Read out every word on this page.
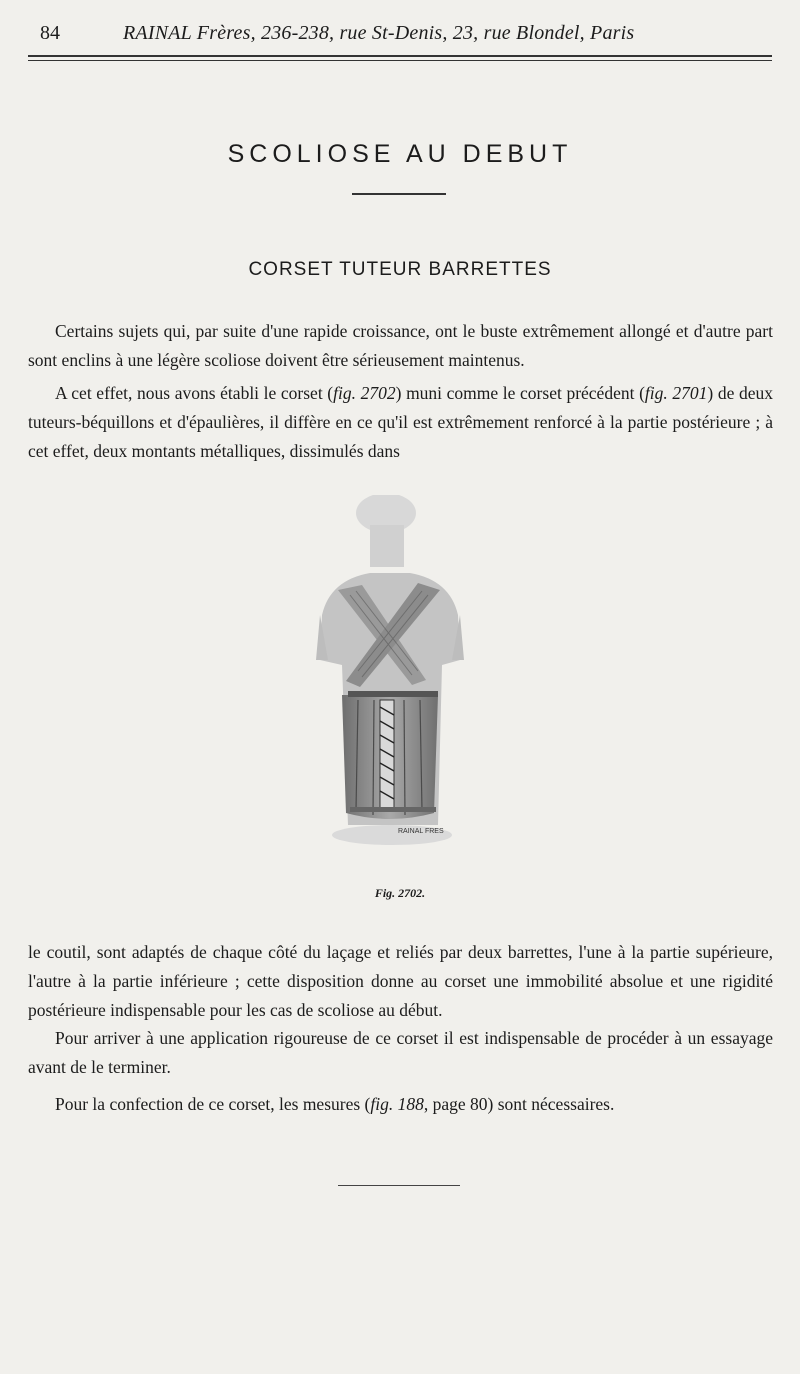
84	RAINAL Frères, 236-238, rue St-Denis, 23, rue Blondel, Paris
SCOLIOSE AU DEBUT
CORSET TUTEUR BARRETTES

Certains sujets qui, par suite d'une rapide croissance, ont le buste extrêmement allongé et d'autre part sont enclins à une légère scoliose doivent être sérieusement maintenus.

A cet effet, nous avons établi le corset (fig. 2702) muni comme le corset précédent (fig. 2701) de deux tuteurs-béquillons et d'épaulières, il diffère en ce qu'il est extrêmement renforcé à la partie postérieure ; à cet effet, deux montants métalliques, dissimulés dans

RAINAL FRES
Fig. 2702.

le coutil, sont adaptés de chaque côté du laçage et reliés par deux barrettes, l'une à la partie supérieure, l'autre à la partie inférieure ; cette disposition donne au corset une immobilité absolue et une rigidité postérieure indispensable pour les cas de scoliose au début.

Pour arriver à une application rigoureuse de ce corset il est indispensable de procéder à un essayage avant de le terminer.

Pour la confection de ce corset, les mesures (fig. 188, page 80) sont nécessaires.
